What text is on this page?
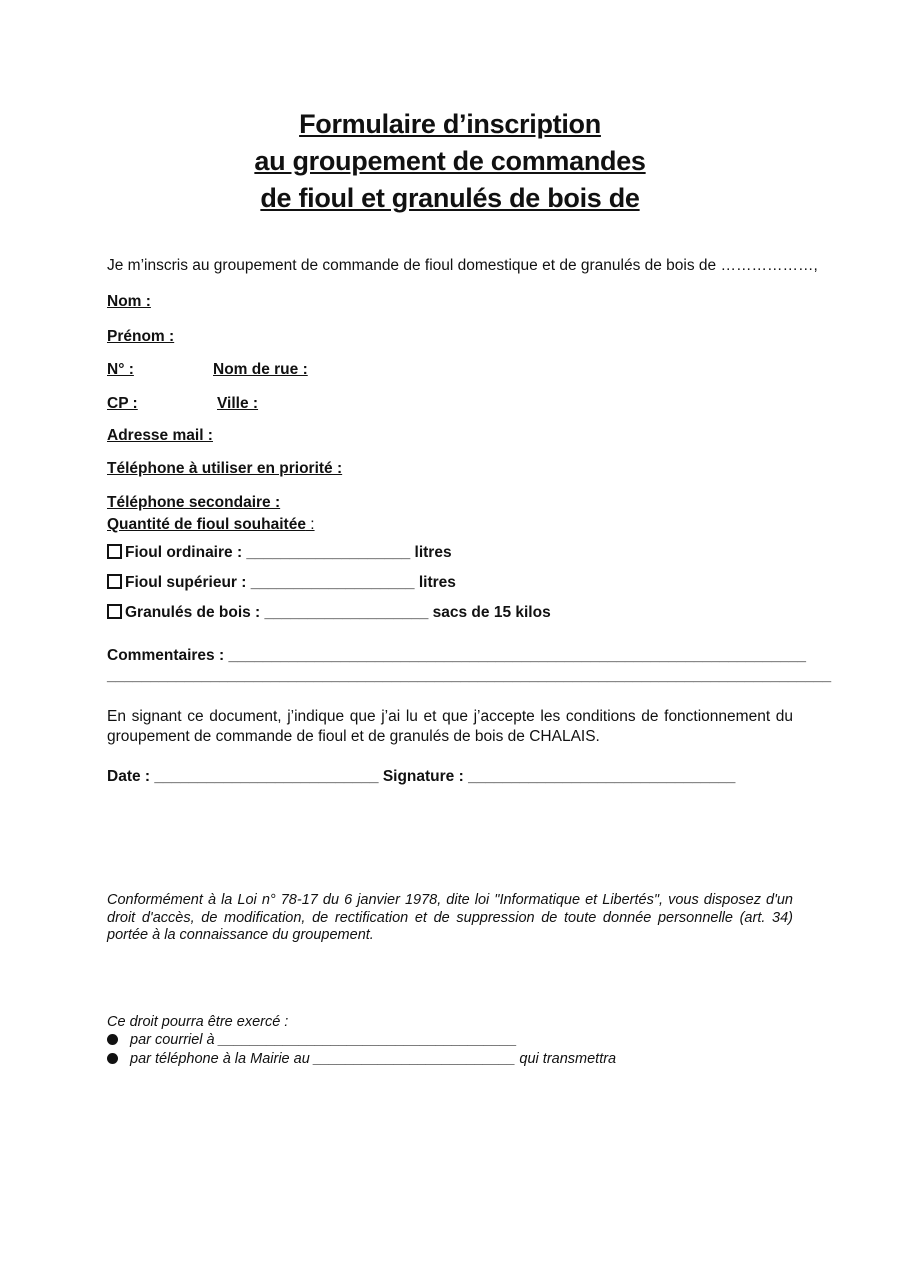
Formulaire d’inscription
au groupement de commandes
de fioul et granulés de bois de
Je m’inscris au groupement de commande de fioul domestique et de granulés de bois de ………………,
Nom :
Prénom :
N° :	Nom de rue :
CP :	Ville :
Adresse mail :
Téléphone à utiliser en priorité :
Téléphone secondaire :
Quantité de fioul souhaitée :
Fioul ordinaire : ___________________ litres
Fioul supérieur : ___________________ litres
Granulés de bois : ___________________ sacs de 15 kilos
Commentaires : ___________________________________________________________________
____________________________________________________________________________________
En signant ce document, j’indique que j’ai lu et que j’accepte les conditions de fonctionnement du groupement de commande de fioul et de granulés de bois de CHALAIS.
Date : __________________________ Signature : _______________________________
Conformément à la Loi n° 78-17 du 6 janvier 1978, dite loi "Informatique et Libertés", vous disposez d'un droit d'accès, de modification, de rectification et de suppression de toute donnée personnelle (art. 34) portée à la connaissance du groupement.
Ce droit pourra être exercé :
par courriel à _____________________________________
par téléphone à la Mairie au _________________________ qui transmettra
